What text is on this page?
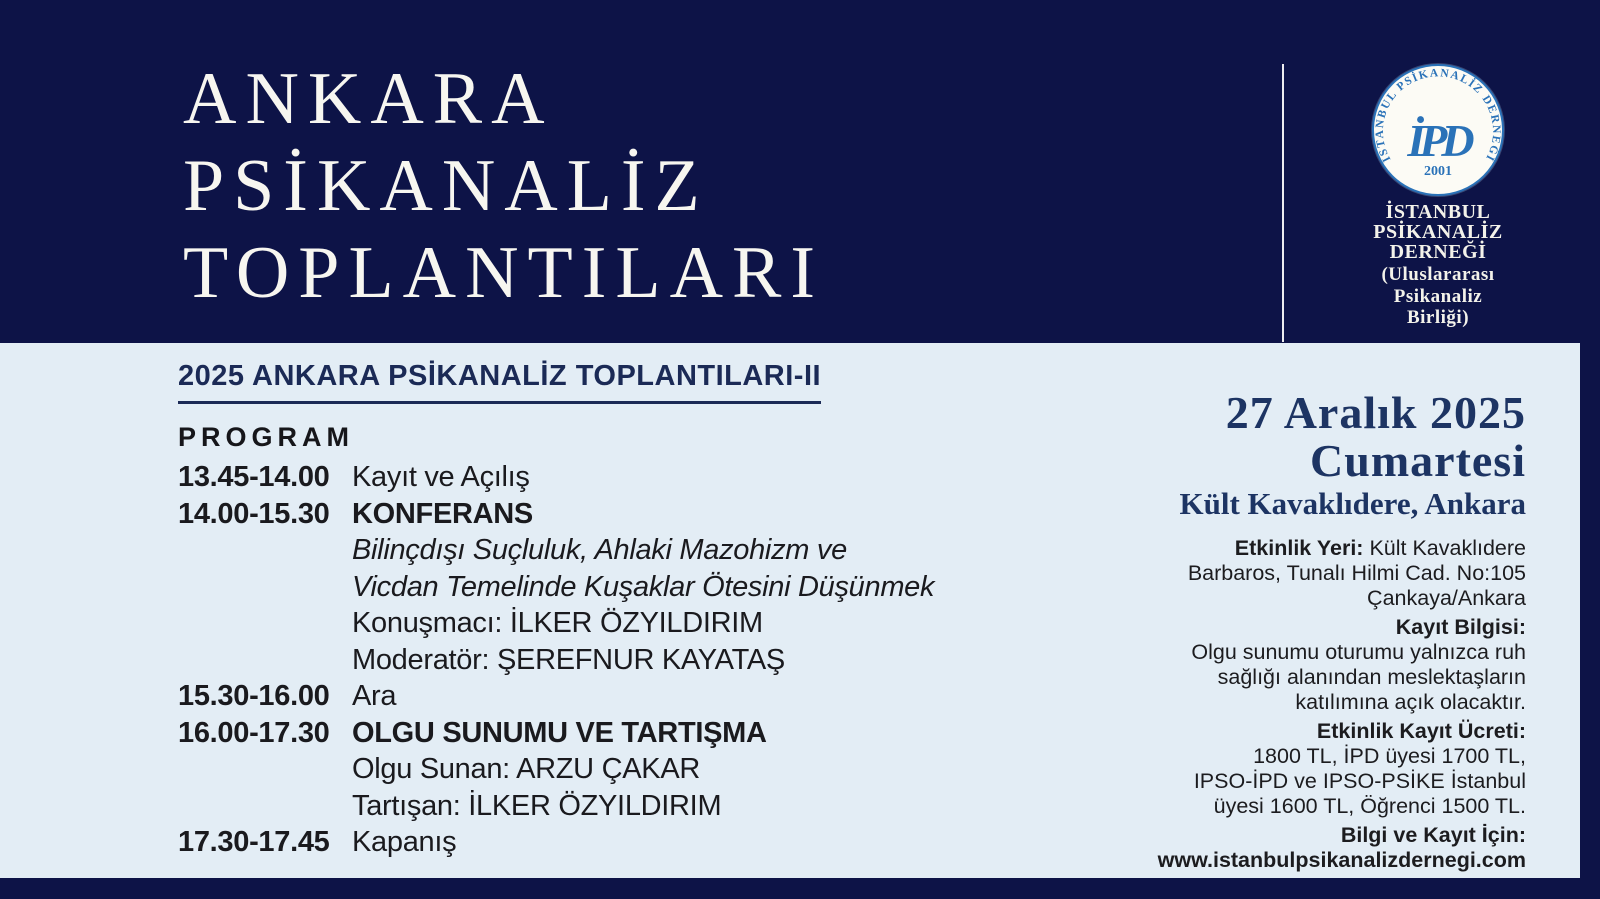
ANKARA
PSİKANALİZ
TOPLANTILARI
İSTANBUL PSİKANALİZ DERNEĞİ
İPD
2001
İSTANBUL
PSİKANALİZ
DERNEĞİ
(Uluslararası
Psikanaliz
Birliği)
2025 ANKARA PSİKANALİZ TOPLANTILARI-II
PROGRAM
13.45-14.00 Kayıt ve Açılış
14.00-15.30 KONFERANS
Bilinçdışı Suçluluk, Ahlaki Mazohizm ve
Vicdan Temelinde Kuşaklar Ötesini Düşünmek
Konuşmacı: İLKER ÖZYILDIRIM
Moderatör: ŞEREFNUR KAYATAŞ
15.30-16.00 Ara
16.00-17.30 OLGU SUNUMU VE TARTIŞMA
Olgu Sunan: ARZU ÇAKAR
Tartışan: İLKER ÖZYILDIRIM
17.30-17.45 Kapanış
27 Aralık 2025
Cumartesi
Kült Kavaklıdere, Ankara

Etkinlik Yeri: Kült Kavaklıdere
Barbaros, Tunalı Hilmi Cad. No:105
Çankaya/Ankara

Kayıt Bilgisi:
Olgu sunumu oturumu yalnızca ruh
sağlığı alanından meslektaşların
katılımına açık olacaktır.

Etkinlik Kayıt Ücreti:
1800 TL, İPD üyesi 1700 TL,
IPSO-İPD ve IPSO-PSİKE İstanbul
üyesi 1600 TL, Öğrenci 1500 TL.

Bilgi ve Kayıt İçin:
www.istanbulpsikanalizdernegi.com
